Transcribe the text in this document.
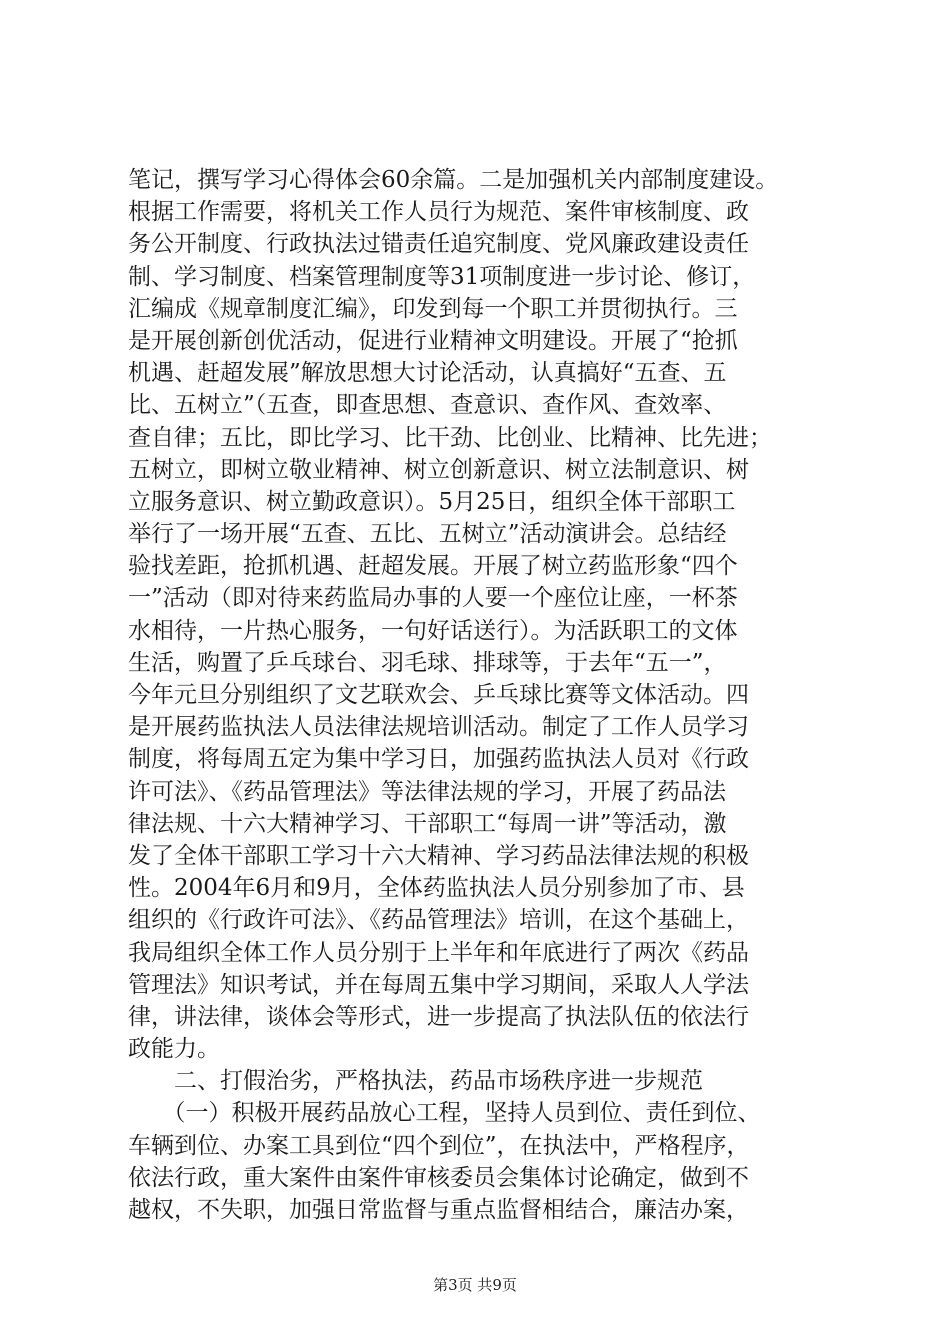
笔记，撰写学习心得体会60余篇。二是加强机关内部制度建设。
根据工作需要，将机关工作人员行为规范、案件审核制度、政
务公开制度、行政执法过错责任追究制度、党风廉政建设责任
制、学习制度、档案管理制度等31项制度进一步讨论、修订，
汇编成《规章制度汇编》，印发到每一个职工并贯彻执行。三
是开展创新创优活动，促进行业精神文明建设。开展了“抢抓
机遇、赶超发展”解放思想大讨论活动，认真搞好“五查、五
比、五树立”（五查，即查思想、查意识、查作风、查效率、
查自律；五比，即比学习、比干劲、比创业、比精神、比先进；
五树立，即树立敬业精神、树立创新意识、树立法制意识、树
立服务意识、树立勤政意识）。5月25日，组织全体干部职工
举行了一场开展“五查、五比、五树立”活动演讲会。总结经
验找差距，抢抓机遇、赶超发展。开展了树立药监形象“四个
一”活动（即对待来药监局办事的人要一个座位让座，一杯茶
水相待，一片热心服务，一句好话送行）。为活跃职工的文体
生活，购置了乒乓球台、羽毛球、排球等，于去年“五一”，
今年元旦分别组织了文艺联欢会、乒乓球比赛等文体活动。四
是开展药监执法人员法律法规培训活动。制定了工作人员学习
制度，将每周五定为集中学习日，加强药监执法人员对《行政
许可法》、《药品管理法》等法律法规的学习，开展了药品法
律法规、十六大精神学习、干部职工“每周一讲”等活动，激
发了全体干部职工学习十六大精神、学习药品法律法规的积极
性。2004年6月和9月，全体药监执法人员分别参加了市、县
组织的《行政许可法》、《药品管理法》培训，在这个基础上，
我局组织全体工作人员分别于上半年和年底进行了两次《药品
管理法》知识考试，并在每周五集中学习期间，采取人人学法
律，讲法律，谈体会等形式，进一步提高了执法队伍的依法行
政能力。
　　二、打假治劣，严格执法，药品市场秩序进一步规范
　　（一）积极开展药品放心工程，坚持人员到位、责任到位、
车辆到位、办案工具到位“四个到位”，在执法中，严格程序，
依法行政，重大案件由案件审核委员会集体讨论确定，做到不
越权，不失职，加强日常监督与重点监督相结合，廉洁办案，
第3页 共9页
